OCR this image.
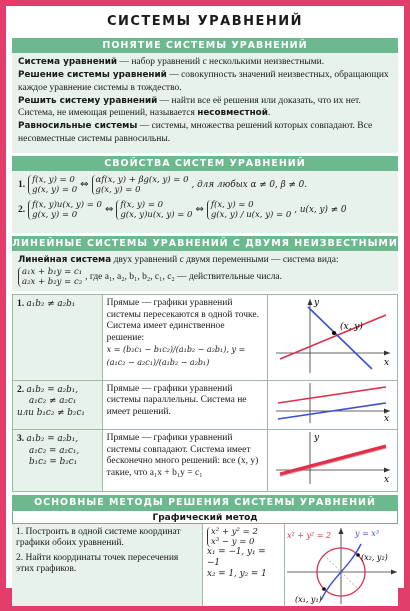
СИСТЕМЫ УРАВНЕНИЙ
ПОНЯТИЕ СИСТЕМЫ УРАВНЕНИЙ

Система уравнений — набор уравнений с несколькими неизвестными.

Решение системы уравнений — совокупность значений неизвестных, обращающих каждое уравнение системы в тождество.

Решить систему уравнений — найти все её решения или доказать, что их нет. Система, не имеющая решений, называется несовместной.

Равносильные системы — системы, множества решений которых совпадают. Все несовместные системы равносильны.

СВОЙСТВА СИСТЕМ УРАВНЕНИЙ
1. f(x, y) = 0
g(x, y) = 0
⇔ αf(x, y) + βg(x, y) = 0
g(x, y) = 0
, для любых α ≠ 0, β ≠ 0.
2. f(x, y)u(x, y) = 0
g(x, y) = 0
⇔ f(x, y) = 0
g(x, y)u(x, y) = 0
⇔ f(x, y) = 0
g(x, y) / u(x, y) = 0
, u(x, y) ≠ 0
ЛИНЕЙНЫЕ СИСТЕМЫ УРАВНЕНИЙ С ДВУМЯ НЕИЗВЕСТНЫМИ

Линейная система двух уравнений с двумя переменными — система вида:

a₁x + b₁y = c₁
a₂x + b₂y = c₂
, где a₁, a₂, b₁, b₂, c₁, c₂ — действительные числа.
1. a₁b₂ ≠ a₂b₁	Прямые — графики уравнений системы пересекаются в одной точке. Система имеет единственное решение:
x = (b₂c₁ − b₁c₂)/(a₁b₂ − a₂b₁), y = (a₁c₂ − a₂c₁)/(a₁b₂ − a₂b₁)	(x, y)
x
y

2. a₁b₂ = a₂b₁,
a₁c₂ ≠ a₂c₁
или b₁c₂ ≠ b₂c₁	Прямые — графики уравнений системы параллельны. Система не имеет решений.	x

3. a₁b₂ = a₂b₁,
a₁c₂ = a₂c₁,
b₁c₂ = b₂c₁	Прямые — графики уравнений системы совпадают. Система имеет бесконечно много решений: все (x, y) такие, что a₁x + b₁y = c₁	x
y
ОСНОВНЫЕ МЕТОДЫ РЕШЕНИЯ СИСТЕМЫ УРАВНЕНИЙ
Графический метод
1. Построить в одной системе координат графики обоих уравнений.
2. Найти координаты точек пересечения этих графиков.
x² + y² = 2
x³ − y = 0
x₁ = −1, y₁ = −1
x₂ = 1, y₂ = 1
x² + y² = 2	y = x³
(x₂, y₂)
(x₁, y₁)
